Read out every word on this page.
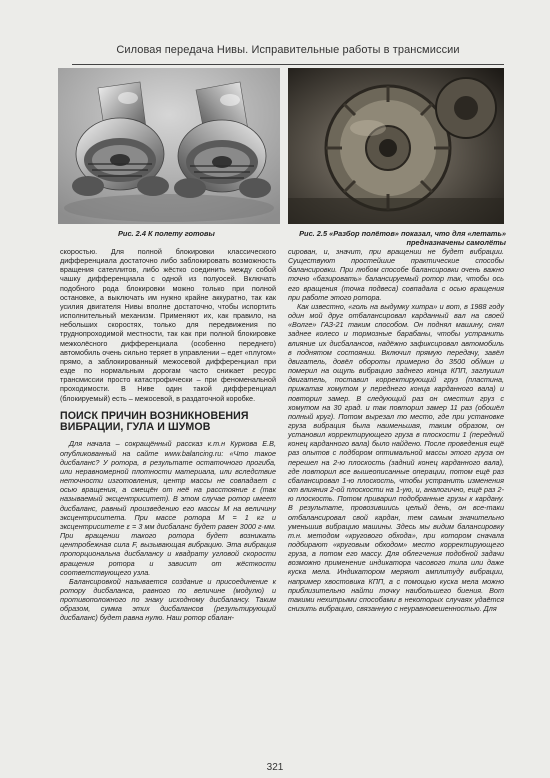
Силовая передача Нивы. Исправительные работы в трансмиссии
Рис. 2.4 К полету готовы	Рис. 2.5 «Разбор полётов» показал, что для «летать» предназначены самолёты

скоростью. Для полной блокировки классического дифференциала достаточно либо заблокировать возможность вращения сателлитов, либо жёстко соединить между собой чашку дифференциала с одной из полуосей. Включать подобного рода блокировки можно только при полной остановке, а выключать им нужно крайне аккуратно, так как усилия двигателя Нивы вполне достаточно, чтобы испортить исполнительный механизм. Применяют их, как правило, на небольших скоростях, только для передвижения по труднопроходимой местности, так как при полной блокировке межколёсного дифференциала (особенно переднего) автомобиль очень сильно теряет в управлении – едет «плугом» прямо, а заблокированный межосевой дифференциал при езде по нормальным дорогам часто снижает ресурс трансмиссии просто катастрофически – при феноменальной проходимости. В Ниве один такой дифференциал (блокируемый) есть – межосевой, в раздаточной коробке.

ПОИСК ПРИЧИН ВОЗНИКНОВЕНИЯ ВИБРАЦИИ, ГУЛА И ШУМОВ

Для начала – сокращённый рассказ к.т.н Куркова Е.В, опубликованный на сайте www.balancing.ru: «Что такое дисбаланс? У ротора, в результате остаточного прогиба, или неравномерной плотности материала, или вследствие неточности изготовления, центр массы не совпадает с осью вращения, а смещён от неё на расстояние ε (так называемый эксцентриситет). В этом случае ротор имеет дисбаланс, равный произведению его массы M на величину эксцентриситета. При массе ротора M = 1 кг и эксцентриситете ε = 3 мм дисбаланс будет равен 3000 г·мм. При вращении такого ротора будет возникать центробежная сила F, вызывающая вибрацию. Эта вибрация пропорциональна дисбалансу и квадрату угловой скорости вращения ротора и зависит от жёсткости соответствующего узла.

Балансировкой называется создание и присоединение к ротору дисбаланса, равного по величине (модулю) и противоположного по знаку исходному дисбалансу. Таким образом, сумма этих дисбалансов (результирующий дисбаланс) будет равна нулю. Наш ротор сбалан-

сирован, и, значит, при вращении не будет вибрации. Существуют простейшие практические способы балансировки. При любом способе балансировки очень важно точно «базировать» балансируемый ротор так, чтобы ось его вращения (точка подвеса) совпадала с осью вращения при работе этого ротора.

Как известно, «голь на выдумку хитра» и вот, в 1988 году один мой друг отбалансировал карданный вал на своей «Волге» ГАЗ-21 таким способом. Он поднял машину, снял заднее колесо и тормозные барабаны, чтобы устранить влияние их дисбалансов, надёжно зафиксировал автомобиль в поднятом состоянии. Включил прямую передачу, завёл двигатель, довёл обороты примерно до 3500 об/мин и померил на ощупь вибрацию заднего конца КПП, заглушил двигатель, поставил корректирующий груз (пластина, прижатая хомутом у переднего конца карданного вала) и повторил замер. В следующий раз он сместил груз с хомутом на 30 град. и так повторил замер 11 раз (обошёл полный круг). Потом вырезал то место, где при установке груза вибрация была наименьшая, таким образом, он установил корректирующего груза в плоскости 1 (передний конец карданного вала) было найдено. После проведения ещё раз опытов с подбором оптимальной массы этого груза он перешел на 2-ю плоскость (задний конец карданного вала), где повторил все вышеописанные операции, потом ещё раз сбалансировал 1-ю плоскость, чтобы устранить изменения от влияния 2-ой плоскости на 1-ую, и, аналогично, ещё раз 2-ю плоскость. Потом приварил подобранные грузы к кардану. В результате, провозившись целый день, он все-таки отбалансировал свой кардан, тем самым значительно уменьшив вибрацию машины. Здесь мы видим балансировку т.н. методом «кругового обхода», при котором сначала подбирают «круговым обходом» место корректирующего груза, а потом его массу. Для облегчения подобной задачи возможно применение индикатора часового типа или даже куска мела. Индикатором меряют амплитуду вибрации, например хвостовика КПП, а с помощью куска мела можно приблизительно найти точку наибольшего биения. Вот такими нехитрыми способами в некоторых случаях удаётся снизить вибрацию, связанную с неуравновешенностью. Для

321
